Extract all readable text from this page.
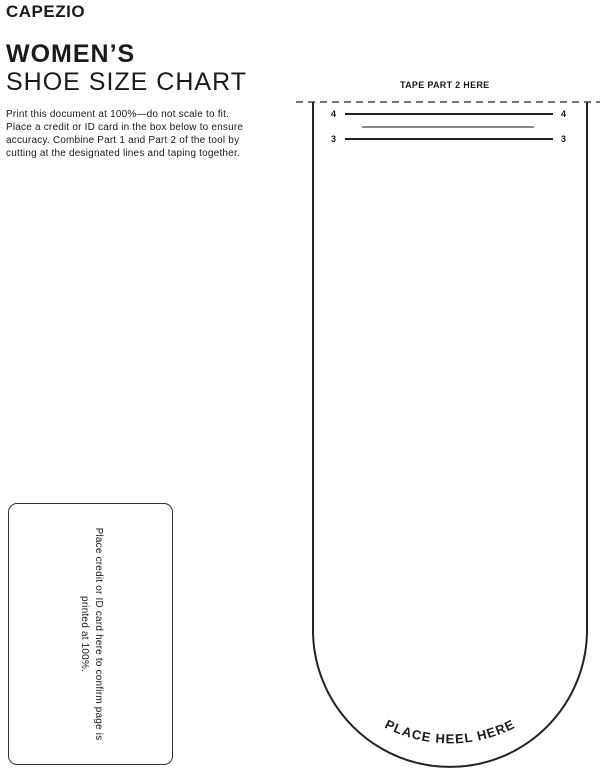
CAPEZIO
WOMEN’S
SHOE SIZE CHART
Print this document at 100%—do not scale to fit. Place a credit or ID card in the box below to ensure accuracy. Combine Part 1 and Part 2 of the tool by cutting at the designated lines and taping together.
Place credit or ID card here to confirm page is printed at 100%.
TAPE PART 2 HERE
4	4
3	3
PLACE HEEL HERE
